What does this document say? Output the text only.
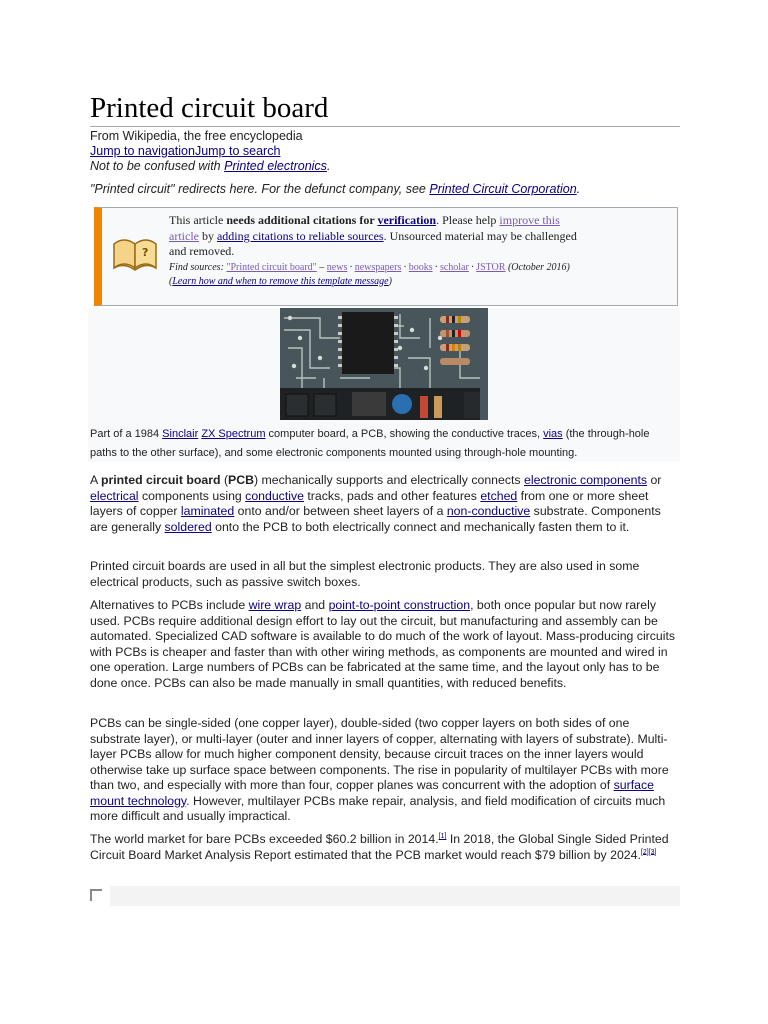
Printed circuit board
From Wikipedia, the free encyclopedia
Jump to navigationJump to search
Not to be confused with Printed electronics.
"Printed circuit" redirects here. For the defunct company, see Printed Circuit Corporation.

A printed circuit board (PCB) mechanically supports and electrically connects electronic components or electrical components using conductive tracks, pads and other features etched from one or more sheet layers of copper laminated onto and/or between sheet layers of a non-conductive substrate. Components are generally soldered onto the PCB to both electrically connect and mechanically fasten them to it.

Printed circuit boards are used in all but the simplest electronic products. They are also used in some electrical products, such as passive switch boxes.

Alternatives to PCBs include wire wrap and point-to-point construction, both once popular but now rarely used. PCBs require additional design effort to lay out the circuit, but manufacturing and assembly can be automated. Specialized CAD software is available to do much of the work of layout. Mass-producing circuits with PCBs is cheaper and faster than with other wiring methods, as components are mounted and wired in one operation. Large numbers of PCBs can be fabricated at the same time, and the layout only has to be done once. PCBs can also be made manually in small quantities, with reduced benefits.

PCBs can be single-sided (one copper layer), double-sided (two copper layers on both sides of one substrate layer), or multi-layer (outer and inner layers of copper, alternating with layers of substrate). Multi-layer PCBs allow for much higher component density, because circuit traces on the inner layers would otherwise take up surface space between components. The rise in popularity of multilayer PCBs with more than two, and especially with more than four, copper planes was concurrent with the adoption of surface mount technology. However, multilayer PCBs make repair, analysis, and field modification of circuits much more difficult and usually impractical.

The world market for bare PCBs exceeded $60.2 billion in 2014.[1] In 2018, the Global Single Sided Printed Circuit Board Market Analysis Report estimated that the PCB market would reach $79 billion by 2024.[2][3]

?
This article needs additional citations for verification. Please help improve this article by adding citations to reliable sources. Unsourced material may be challenged and removed.
Find sources: "Printed circuit board" – news · newspapers · books · scholar · JSTOR (October 2016) (Learn how and when to remove this template message)
Part of a 1984 Sinclair ZX Spectrum computer board, a PCB, showing the conductive traces, vias (the through-hole paths to the other surface), and some electronic components mounted using through-hole mounting.
